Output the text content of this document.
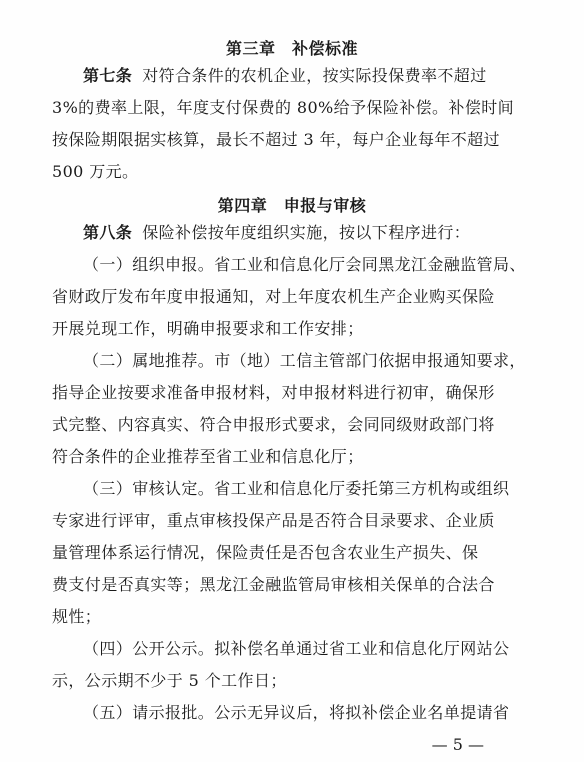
第三章　补偿标准
第七条 对符合条件的农机企业，按实际投保费率不超过
3%的费率上限，年度支付保费的 80%给予保险补偿。补偿时间
按保险期限据实核算，最长不超过 3 年，每户企业每年不超过
500 万元。
第四章　申报与审核
第八条 保险补偿按年度组织实施，按以下程序进行：
（一）组织申报。省工业和信息化厅会同黑龙江金融监管局、
省财政厅发布年度申报通知，对上年度农机生产企业购买保险
开展兑现工作，明确申报要求和工作安排；
（二）属地推荐。市（地）工信主管部门依据申报通知要求，
指导企业按要求准备申报材料，对申报材料进行初审，确保形
式完整、内容真实、符合申报形式要求，会同同级财政部门将
符合条件的企业推荐至省工业和信息化厅；
（三）审核认定。省工业和信息化厅委托第三方机构或组织
专家进行评审，重点审核投保产品是否符合目录要求、企业质
量管理体系运行情况，保险责任是否包含农业生产损失、保
费支付是否真实等；黑龙江金融监管局审核相关保单的合法合
规性；
（四）公开公示。拟补偿名单通过省工业和信息化厅网站公
示，公示期不少于 5 个工作日；
（五）请示报批。公示无异议后，将拟补偿企业名单提请省
— 5 —
